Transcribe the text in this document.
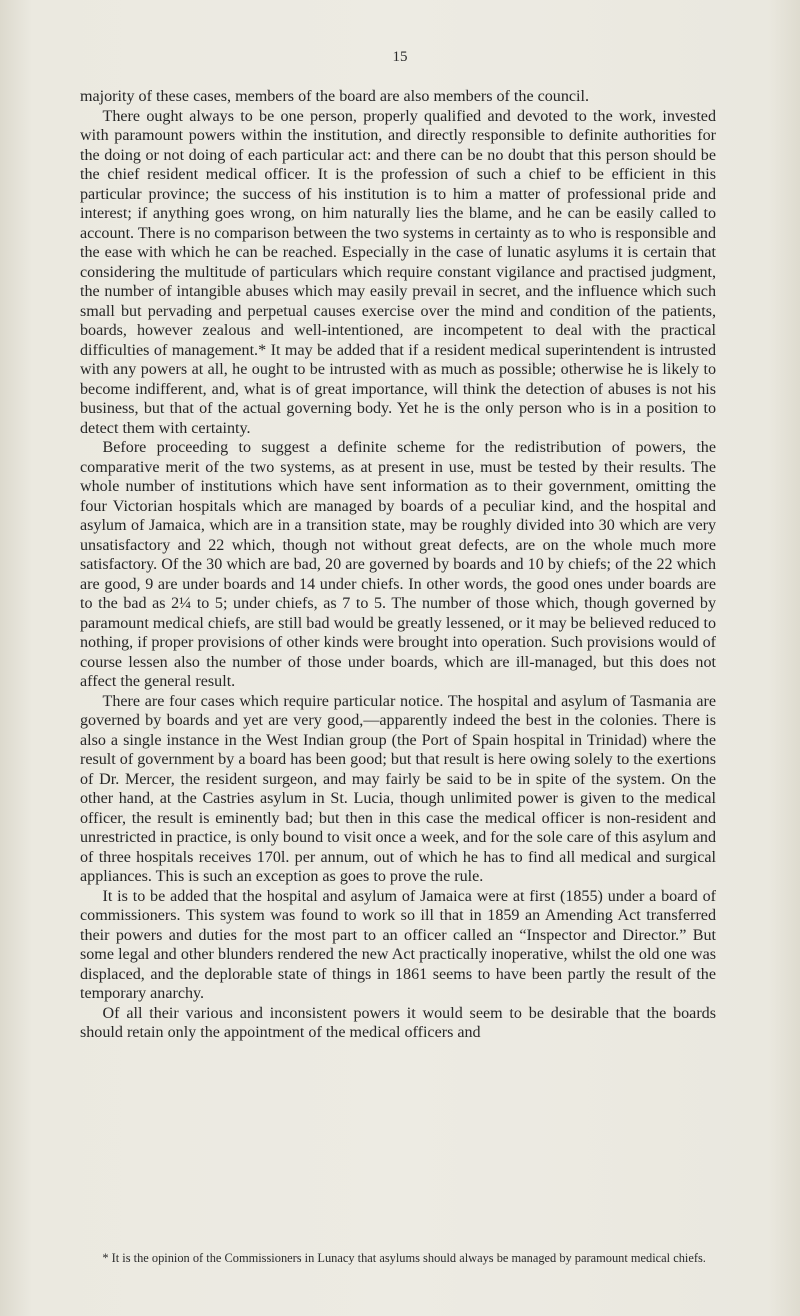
15

majority of these cases, members of the board are also members of the council.

There ought always to be one person, properly qualified and devoted to the work, invested with paramount powers within the institution, and directly responsible to definite authorities for the doing or not doing of each particular act: and there can be no doubt that this person should be the chief resident medical officer. It is the profession of such a chief to be efficient in this particular province; the success of his institution is to him a matter of professional pride and interest; if anything goes wrong, on him naturally lies the blame, and he can be easily called to account. There is no comparison between the two systems in certainty as to who is responsible and the ease with which he can be reached. Especially in the case of lunatic asylums it is certain that considering the multitude of particulars which require constant vigilance and practised judgment, the number of intangible abuses which may easily prevail in secret, and the influence which such small but pervading and perpetual causes exercise over the mind and condition of the patients, boards, however zealous and well-intentioned, are incompetent to deal with the practical difficulties of management.* It may be added that if a resident medical superintendent is intrusted with any powers at all, he ought to be intrusted with as much as possible; otherwise he is likely to become indifferent, and, what is of great importance, will think the detection of abuses is not his business, but that of the actual governing body. Yet he is the only person who is in a position to detect them with certainty.

Before proceeding to suggest a definite scheme for the redistribution of powers, the comparative merit of the two systems, as at present in use, must be tested by their results. The whole number of institutions which have sent information as to their government, omitting the four Victorian hospitals which are managed by boards of a peculiar kind, and the hospital and asylum of Jamaica, which are in a transition state, may be roughly divided into 30 which are very unsatisfactory and 22 which, though not without great defects, are on the whole much more satisfactory. Of the 30 which are bad, 20 are governed by boards and 10 by chiefs; of the 22 which are good, 9 are under boards and 14 under chiefs. In other words, the good ones under boards are to the bad as 2¼ to 5; under chiefs, as 7 to 5. The number of those which, though governed by paramount medical chiefs, are still bad would be greatly lessened, or it may be believed reduced to nothing, if proper provisions of other kinds were brought into operation. Such provisions would of course lessen also the number of those under boards, which are ill-managed, but this does not affect the general result.

There are four cases which require particular notice. The hospital and asylum of Tasmania are governed by boards and yet are very good,—apparently indeed the best in the colonies. There is also a single instance in the West Indian group (the Port of Spain hospital in Trinidad) where the result of government by a board has been good; but that result is here owing solely to the exertions of Dr. Mercer, the resident surgeon, and may fairly be said to be in spite of the system. On the other hand, at the Castries asylum in St. Lucia, though unlimited power is given to the medical officer, the result is eminently bad; but then in this case the medical officer is non-resident and unrestricted in practice, is only bound to visit once a week, and for the sole care of this asylum and of three hospitals receives 170l. per annum, out of which he has to find all medical and surgical appliances. This is such an exception as goes to prove the rule.

It is to be added that the hospital and asylum of Jamaica were at first (1855) under a board of commissioners. This system was found to work so ill that in 1859 an Amending Act transferred their powers and duties for the most part to an officer called an “Inspector and Director.” But some legal and other blunders rendered the new Act practically inoperative, whilst the old one was displaced, and the deplorable state of things in 1861 seems to have been partly the result of the temporary anarchy.

Of all their various and inconsistent powers it would seem to be desirable that the boards should retain only the appointment of the medical officers and

* It is the opinion of the Commissioners in Lunacy that asylums should always be managed by paramount medical chiefs.
